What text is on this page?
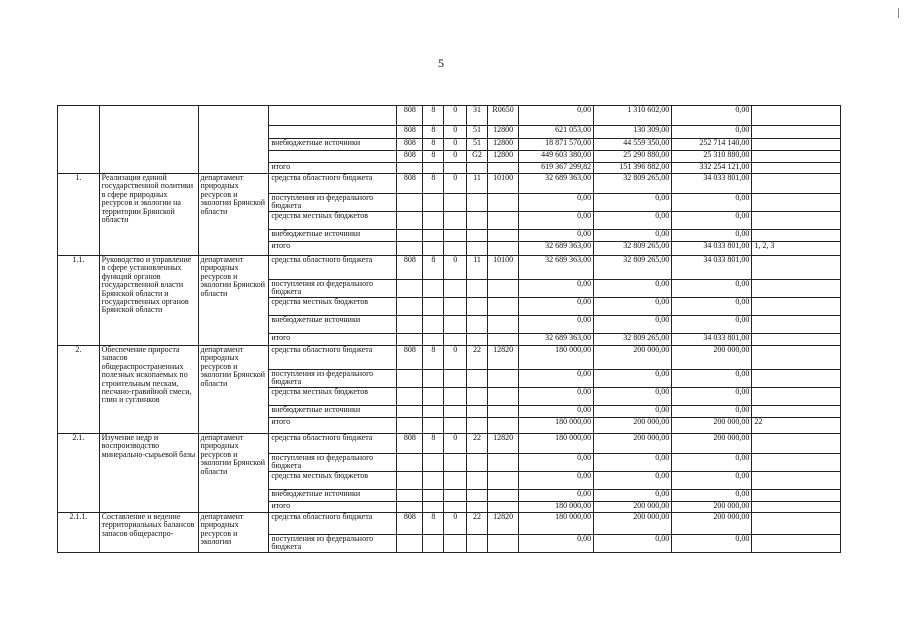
5
				808	8	0	31	R0650	0,00	1 310 602,00	0,00	
				808	8	0	51	12800	621 053,00	130 309,00	0,00	
			внебюджетные источники	808	8	0	51	12800	18 871 570,00	44 559 350,00	252 714 140,00	
				808	8	0	G2	12800	449 603 380,00	25 290 880,00	25 310 880,00	
			итого						619 367 299,82	151 396 882,00	332 254 121,00	
1.	Реализация единой государственной политики в сфере природных ресурсов и экологии на территории Брянской области	департамент природных ресурсов и экологии Брянской области	средства областного бюджета	808	8	0	11	10100	32 689 363,00	32 809 265,00	34 033 801,00	
			поступления из федерального бюджета						0,00	0,00	0,00	
			средства местных бюджетов						0,00	0,00	0,00	
			внебюджетные источники						0,00	0,00	0,00	
			итого						32 689 363,00	32 809 265,00	34 033 801,00	1, 2, 3
1.1.	Руководство и управление в сфере установленных функций органов государственной власти Брянской области и государственных органов Брянской области	департамент природных ресурсов и экологии Брянской области	средства областного бюджета	808	8	0	11	10100	32 689 363,00	32 809 265,00	34 033 801,00	
			поступления из федерального бюджета						0,00	0,00	0,00	
			средства местных бюджетов						0,00	0,00	0,00	
			внебюджетные источники						0,00	0,00	0,00	
			итого						32 689 363,00	32 809 265,00	34 033 801,00	
2.	Обеспечение прироста запасов общераспространенных полезных ископаемых по строительным пескам, песчано-гравийной смеси, глин и суглинков	департамент природных ресурсов и экологии Брянской области	средства областного бюджета	808	8	0	22	12820	180 000,00	200 000,00	200 000,00	
			поступления из федерального бюджета						0,00	0,00	0,00	
			средства местных бюджетов						0,00	0,00	0,00	
			внебюджетные источники						0,00	0,00	0,00	
			итого						180 000,00	200 000,00	200 000,00	22
2.1.	Изучение недр и воспроизводство минерально-сырьевой базы	департамент природных ресурсов и экологии Брянской области	средства областного бюджета	808	8	0	22	12820	180 000,00	200 000,00	200 000,00	
			поступления из федерального бюджета						0,00	0,00	0,00	
			средства местных бюджетов						0,00	0,00	0,00	
			внебюджетные источники						0,00	0,00	0,00	
			итого						180 000,00	200 000,00	200 000,00	
2.1.1.	Составление и ведение территориальных балансов запасов общераспро-	департамент природных ресурсов и экологии	средства областного бюджета	808	8	0	22	12820	180 000,00	200 000,00	200 000,00	
			поступления из федерального бюджета						0,00	0,00	0,00	
